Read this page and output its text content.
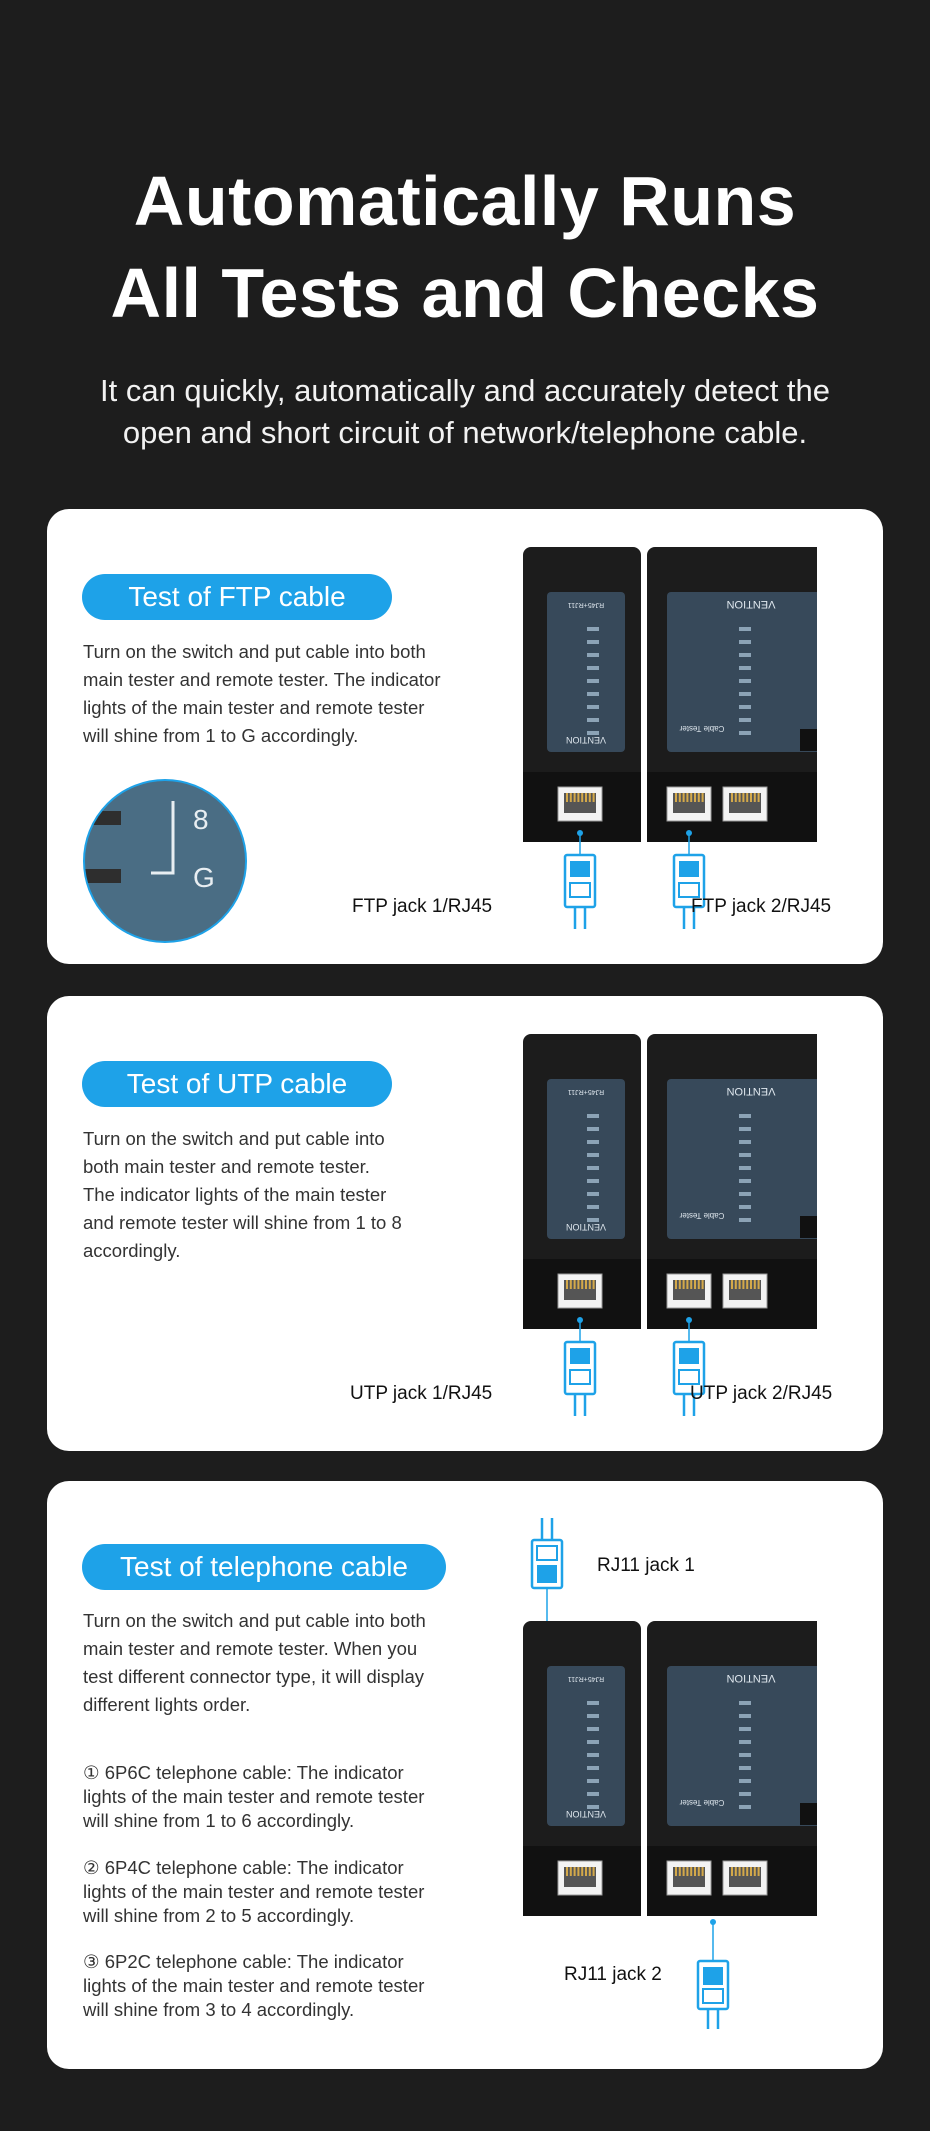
Automatically Runs
All Tests and Checks
It can quickly, automatically and accurately detect the
open and short circuit of network/telephone cable.
Test of FTP cable
Turn on the switch and put cable into both
main tester and remote tester. The indicator
lights of the main tester and remote tester
will shine from 1 to G accordingly.
8
G
VENTION
RJ45+RJ11	VENTION
Cable Tester
FTP jack 1/RJ45	FTP jack 2/RJ45
Test of UTP cable
Turn on the switch and put cable into
both main tester and remote tester.
The indicator lights of the main tester
and remote tester will shine from 1 to 8
accordingly.
VENTION
RJ45+RJ11	VENTION
Cable Tester
UTP jack 1/RJ45	UTP jack 2/RJ45
Test of telephone cable
Turn on the switch and put cable into both
main tester and remote tester. When you
test different connector type, it will display
different lights order.
① 6P6C telephone cable: The indicator
lights of the main tester and remote tester
will shine from 1 to 6 accordingly.
② 6P4C telephone cable: The indicator
lights of the main tester and remote tester
will shine from 2 to 5 accordingly.
③ 6P2C telephone cable: The indicator
lights of the main tester and remote tester
will shine from 3 to 4 accordingly.
RJ11 jack 1
VENTION
RJ45+RJ11	VENTION
Cable Tester
RJ11 jack 2
